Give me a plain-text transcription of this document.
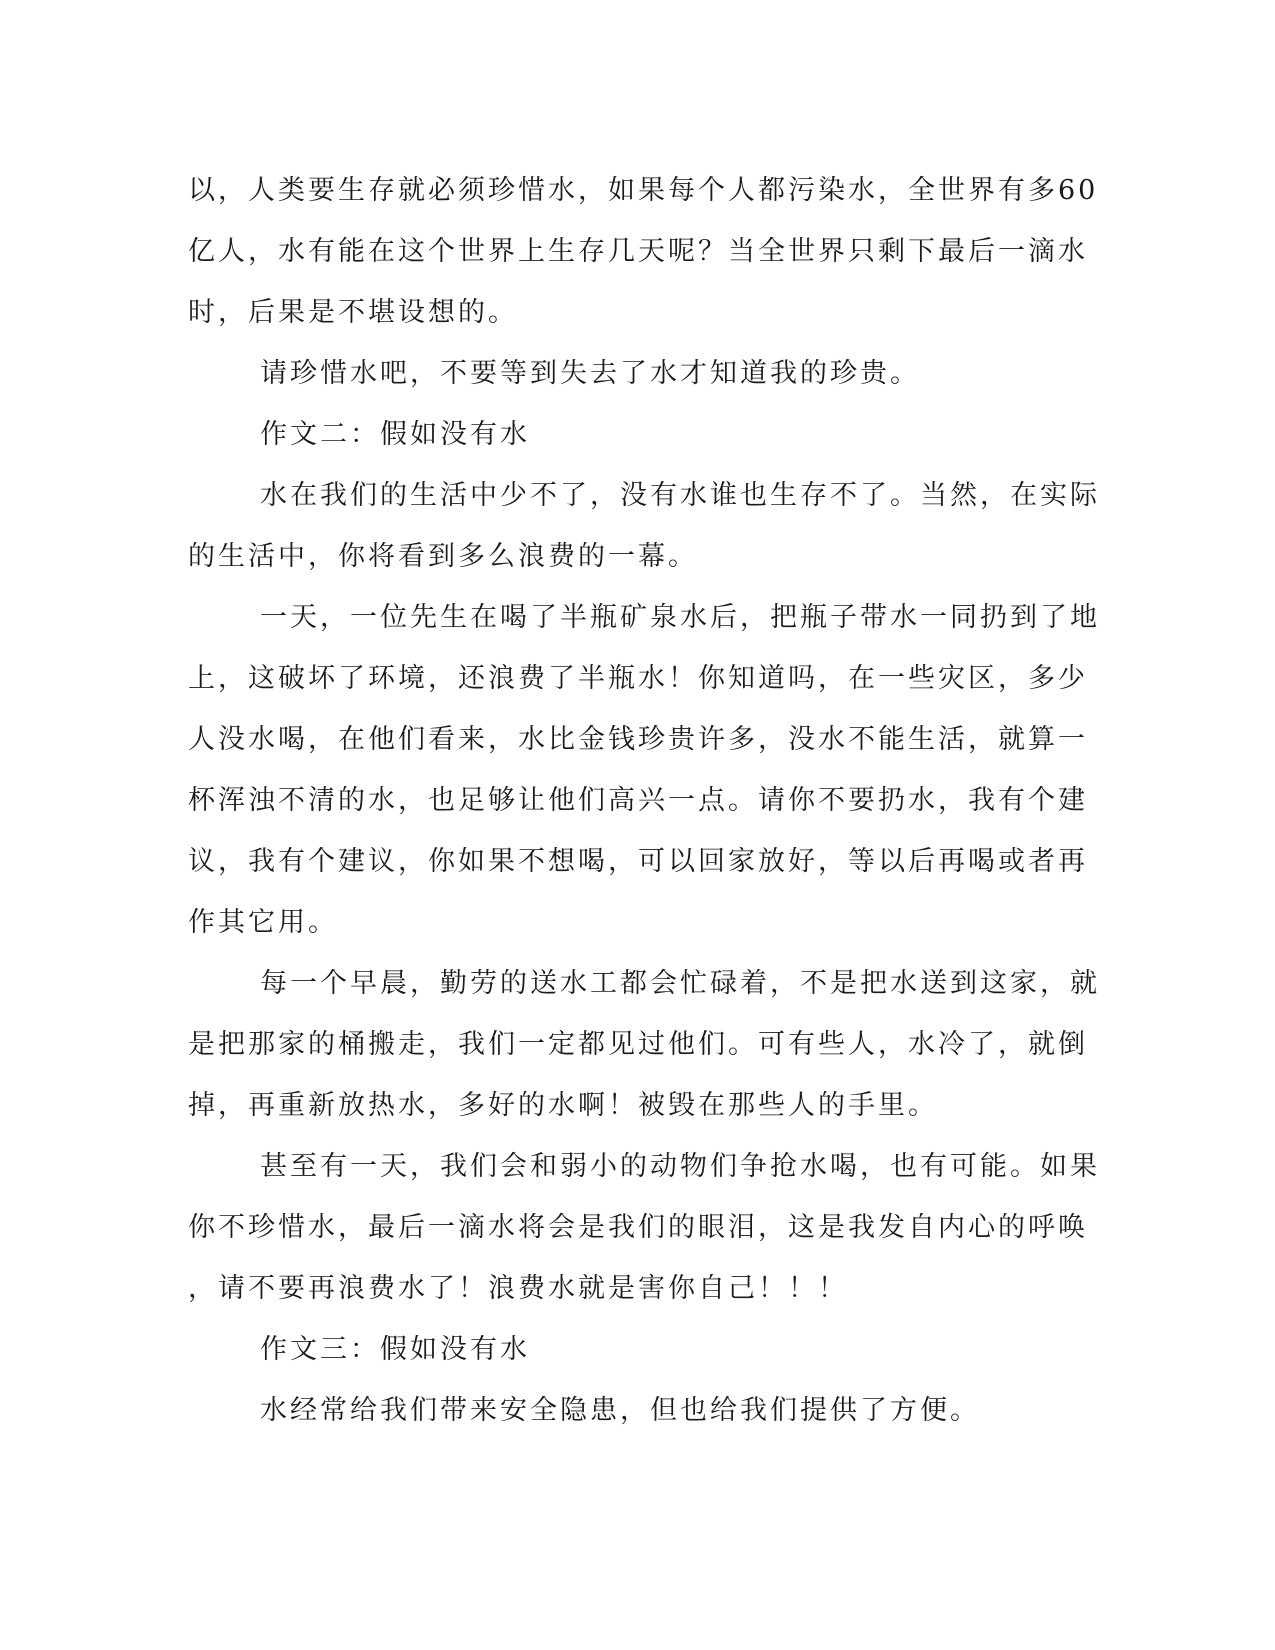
以，人类要生存就必须珍惜水，如果每个人都污染水，全世界有多60
亿人，水有能在这个世界上生存几天呢？当全世界只剩下最后一滴水
时，后果是不堪设想的。
请珍惜水吧，不要等到失去了水才知道我的珍贵。
作文二：假如没有水
水在我们的生活中少不了，没有水谁也生存不了。当然，在实际
的生活中，你将看到多么浪费的一幕。
一天，一位先生在喝了半瓶矿泉水后，把瓶子带水一同扔到了地
上，这破坏了环境，还浪费了半瓶水！你知道吗，在一些灾区，多少
人没水喝，在他们看来，水比金钱珍贵许多，没水不能生活，就算一
杯浑浊不清的水，也足够让他们高兴一点。请你不要扔水，我有个建
议，我有个建议，你如果不想喝，可以回家放好，等以后再喝或者再
作其它用。
每一个早晨，勤劳的送水工都会忙碌着，不是把水送到这家，就
是把那家的桶搬走，我们一定都见过他们。可有些人，水冷了，就倒
掉，再重新放热水，多好的水啊！被毁在那些人的手里。
甚至有一天，我们会和弱小的动物们争抢水喝，也有可能。如果
你不珍惜水，最后一滴水将会是我们的眼泪，这是我发自内心的呼唤
，请不要再浪费水了！浪费水就是害你自己！！！
作文三：假如没有水
水经常给我们带来安全隐患，但也给我们提供了方便。
